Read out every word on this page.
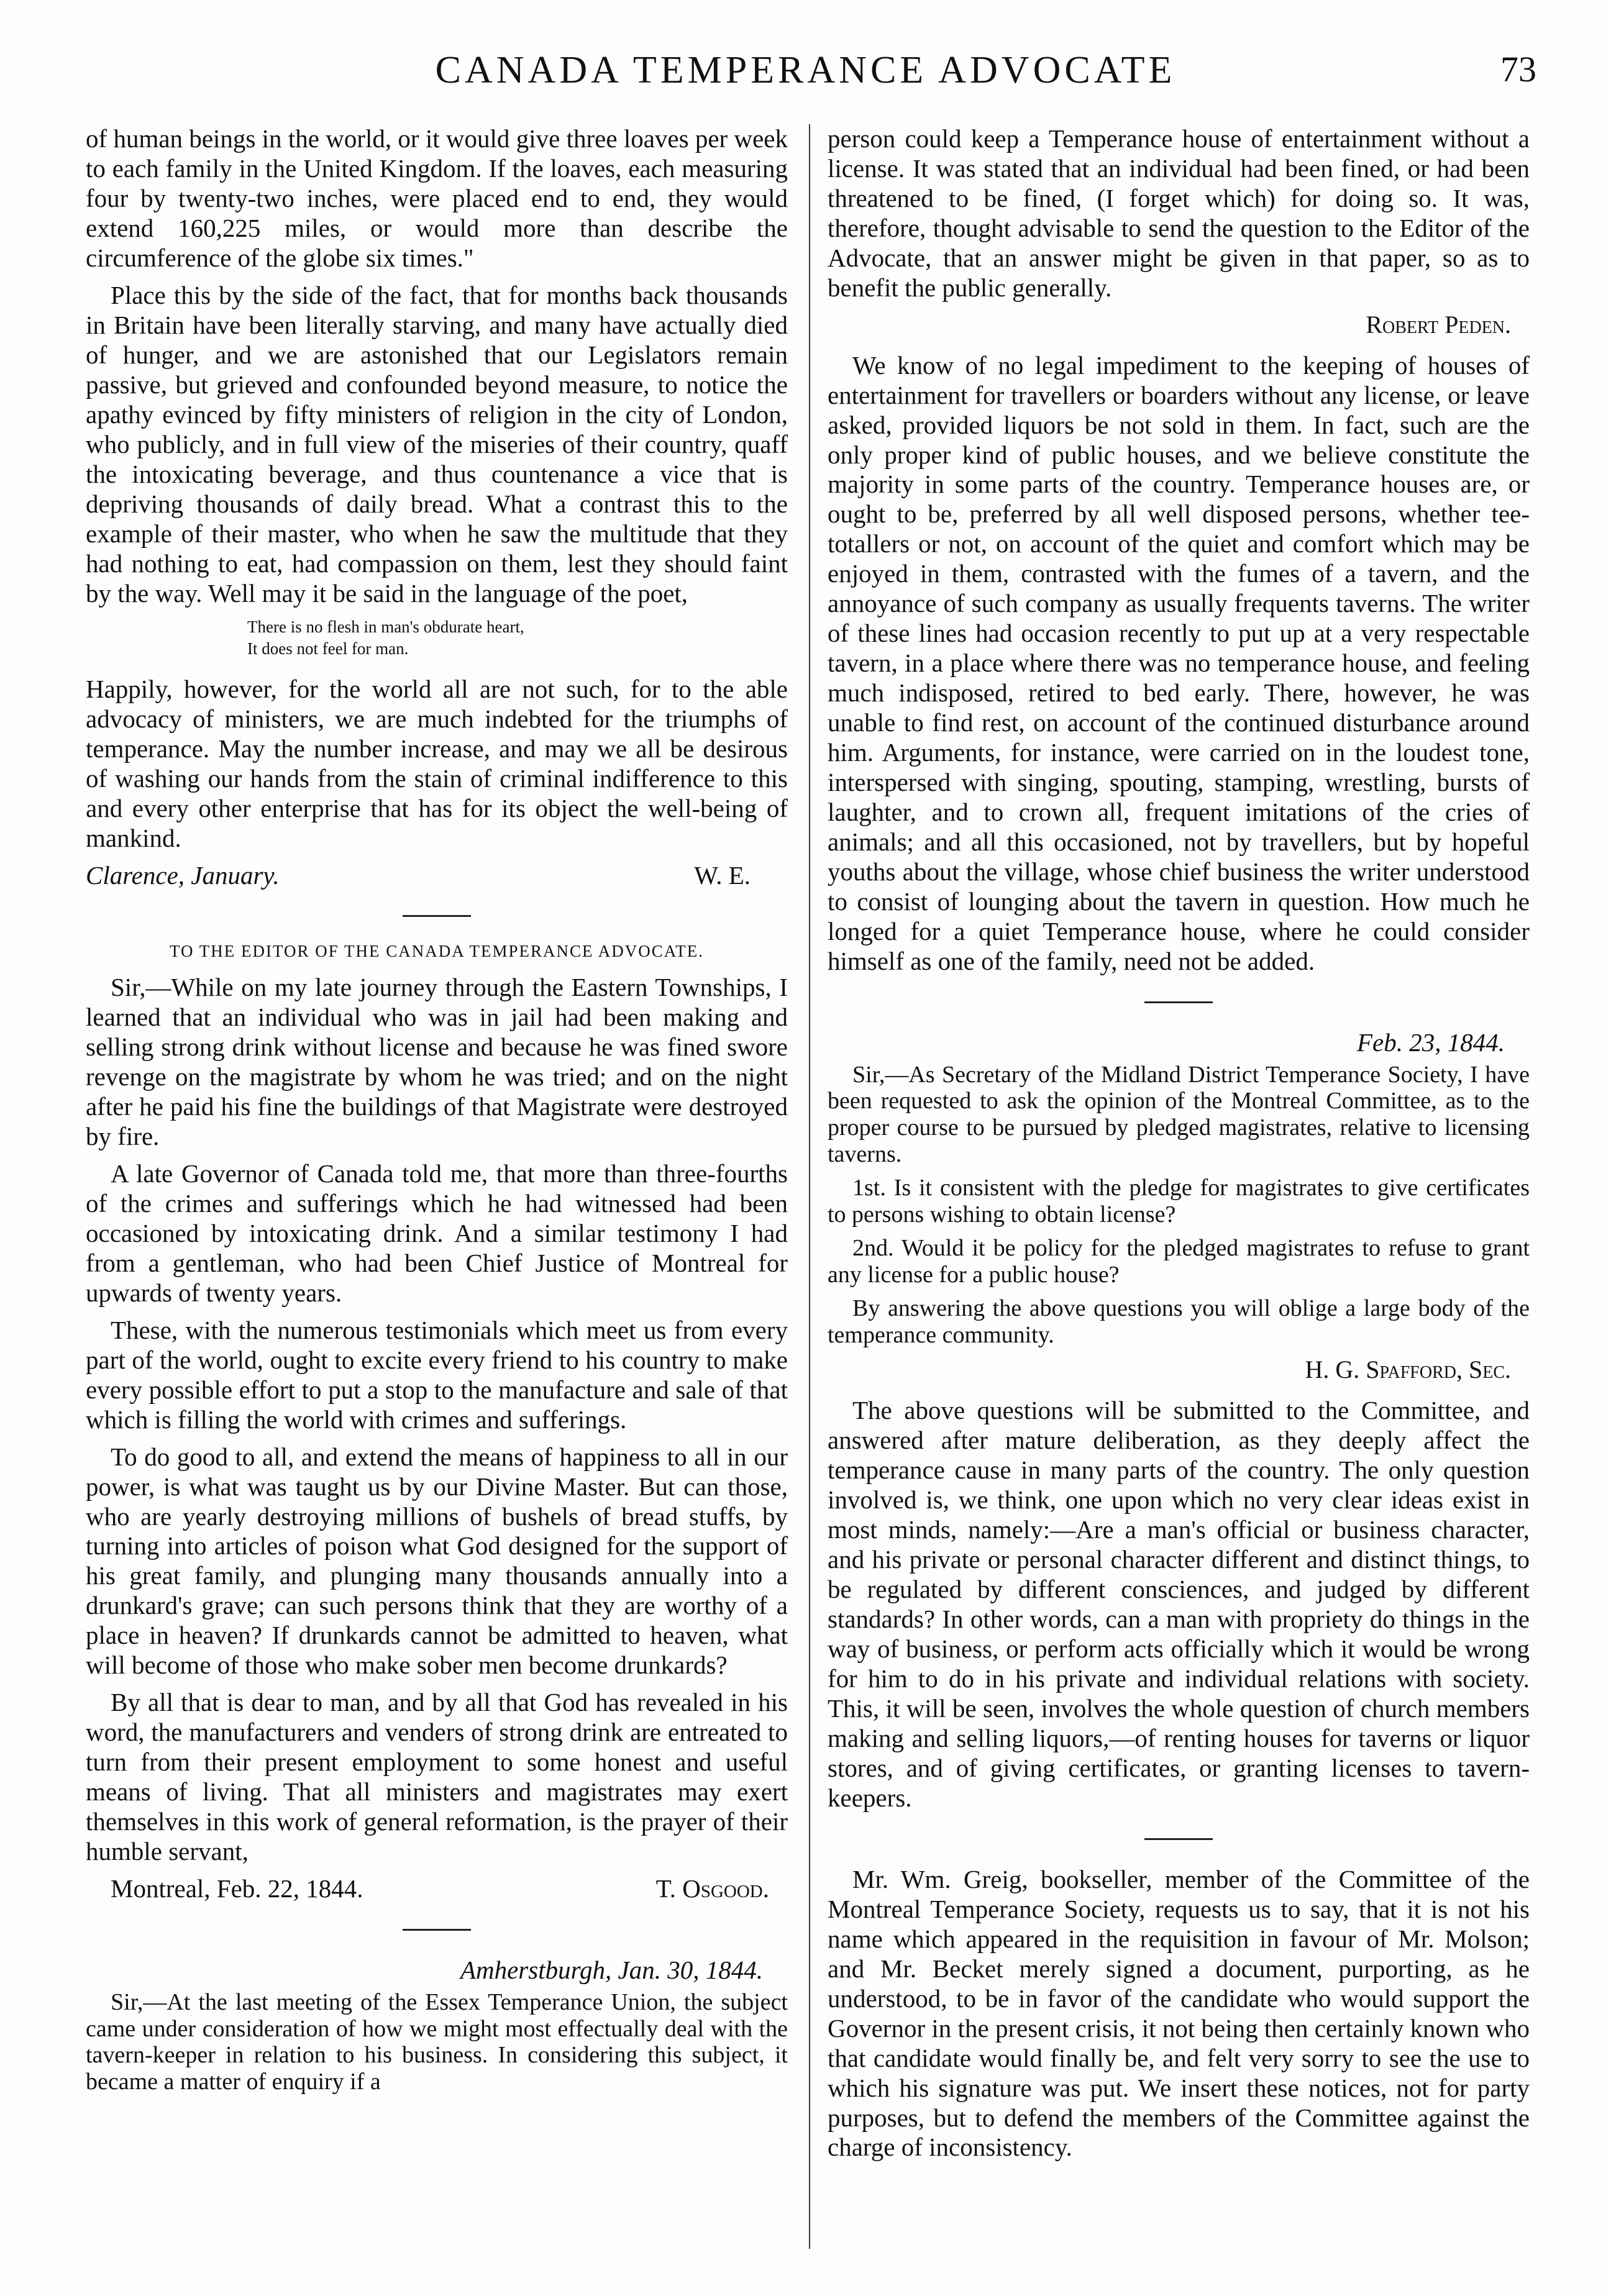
CANADA TEMPERANCE ADVOCATE	73

of human beings in the world, or it would give three loaves per week to each family in the United Kingdom. If the loaves, each measuring four by twenty-two inches, were placed end to end, they would extend 160,225 miles, or would more than describe the circumference of the globe six times."

Place this by the side of the fact, that for months back thousands in Britain have been literally starving, and many have actually died of hunger, and we are astonished that our Legislators remain passive, but grieved and confounded beyond measure, to notice the apathy evinced by fifty ministers of religion in the city of London, who publicly, and in full view of the miseries of their country, quaff the intoxicating beverage, and thus countenance a vice that is depriving thousands of daily bread. What a contrast this to the example of their master, who when he saw the multitude that they had nothing to eat, had compassion on them, lest they should faint by the way. Well may it be said in the language of the poet,

There is no flesh in man's obdurate heart,
It does not feel for man.

Happily, however, for the world all are not such, for to the able advocacy of ministers, we are much indebted for the triumphs of temperance. May the number increase, and may we all be desirous of washing our hands from the stain of criminal indifference to this and every other enterprise that has for its object the well-being of mankind.

Clarence, January.	W. E.
TO THE EDITOR OF THE CANADA TEMPERANCE ADVOCATE.

Sir,—While on my late journey through the Eastern Townships, I learned that an individual who was in jail had been making and selling strong drink without license and because he was fined swore revenge on the magistrate by whom he was tried; and on the night after he paid his fine the buildings of that Magistrate were destroyed by fire.

A late Governor of Canada told me, that more than three-fourths of the crimes and sufferings which he had witnessed had been occasioned by intoxicating drink. And a similar testimony I had from a gentleman, who had been Chief Justice of Montreal for upwards of twenty years.

These, with the numerous testimonials which meet us from every part of the world, ought to excite every friend to his country to make every possible effort to put a stop to the manufacture and sale of that which is filling the world with crimes and sufferings.

To do good to all, and extend the means of happiness to all in our power, is what was taught us by our Divine Master. But can those, who are yearly destroying millions of bushels of bread stuffs, by turning into articles of poison what God designed for the support of his great family, and plunging many thousands annually into a drunkard's grave; can such persons think that they are worthy of a place in heaven? If drunkards cannot be admitted to heaven, what will become of those who make sober men become drunkards?

By all that is dear to man, and by all that God has revealed in his word, the manufacturers and venders of strong drink are entreated to turn from their present employment to some honest and useful means of living. That all ministers and magistrates may exert themselves in this work of general reformation, is the prayer of their humble servant,

Montreal, Feb. 22, 1844.	T. Osgood.
Amherstburgh, Jan. 30, 1844.

Sir,—At the last meeting of the Essex Temperance Union, the subject came under consideration of how we might most effectually deal with the tavern-keeper in relation to his business. In considering this subject, it became a matter of enquiry if a

person could keep a Temperance house of entertainment without a license. It was stated that an individual had been fined, or had been threatened to be fined, (I forget which) for doing so. It was, therefore, thought advisable to send the question to the Editor of the Advocate, that an answer might be given in that paper, so as to benefit the public generally.

Robert Peden.

We know of no legal impediment to the keeping of houses of entertainment for travellers or boarders without any license, or leave asked, provided liquors be not sold in them. In fact, such are the only proper kind of public houses, and we believe constitute the majority in some parts of the country. Temperance houses are, or ought to be, preferred by all well disposed persons, whether tee-totallers or not, on account of the quiet and comfort which may be enjoyed in them, contrasted with the fumes of a tavern, and the annoyance of such company as usually frequents taverns. The writer of these lines had occasion recently to put up at a very respectable tavern, in a place where there was no temperance house, and feeling much indisposed, retired to bed early. There, however, he was unable to find rest, on account of the continued disturbance around him. Arguments, for instance, were carried on in the loudest tone, interspersed with singing, spouting, stamping, wrestling, bursts of laughter, and to crown all, frequent imitations of the cries of animals; and all this occasioned, not by travellers, but by hopeful youths about the village, whose chief business the writer understood to consist of lounging about the tavern in question. How much he longed for a quiet Temperance house, where he could consider himself as one of the family, need not be added.

Feb. 23, 1844.

Sir,—As Secretary of the Midland District Temperance Society, I have been requested to ask the opinion of the Montreal Committee, as to the proper course to be pursued by pledged magistrates, relative to licensing taverns.

1st. Is it consistent with the pledge for magistrates to give certificates to persons wishing to obtain license?

2nd. Would it be policy for the pledged magistrates to refuse to grant any license for a public house?

By answering the above questions you will oblige a large body of the temperance community.

H. G. Spafford, Sec.

The above questions will be submitted to the Committee, and answered after mature deliberation, as they deeply affect the temperance cause in many parts of the country. The only question involved is, we think, one upon which no very clear ideas exist in most minds, namely:—Are a man's official or business character, and his private or personal character different and distinct things, to be regulated by different consciences, and judged by different standards? In other words, can a man with propriety do things in the way of business, or perform acts officially which it would be wrong for him to do in his private and individual relations with society. This, it will be seen, involves the whole question of church members making and selling liquors,—of renting houses for taverns or liquor stores, and of giving certificates, or granting licenses to tavern-keepers.

Mr. Wm. Greig, bookseller, member of the Committee of the Montreal Temperance Society, requests us to say, that it is not his name which appeared in the requisition in favour of Mr. Molson; and Mr. Becket merely signed a document, purporting, as he understood, to be in favor of the candidate who would support the Governor in the present crisis, it not being then certainly known who that candidate would finally be, and felt very sorry to see the use to which his signature was put. We insert these notices, not for party purposes, but to defend the members of the Committee against the charge of inconsistency.
